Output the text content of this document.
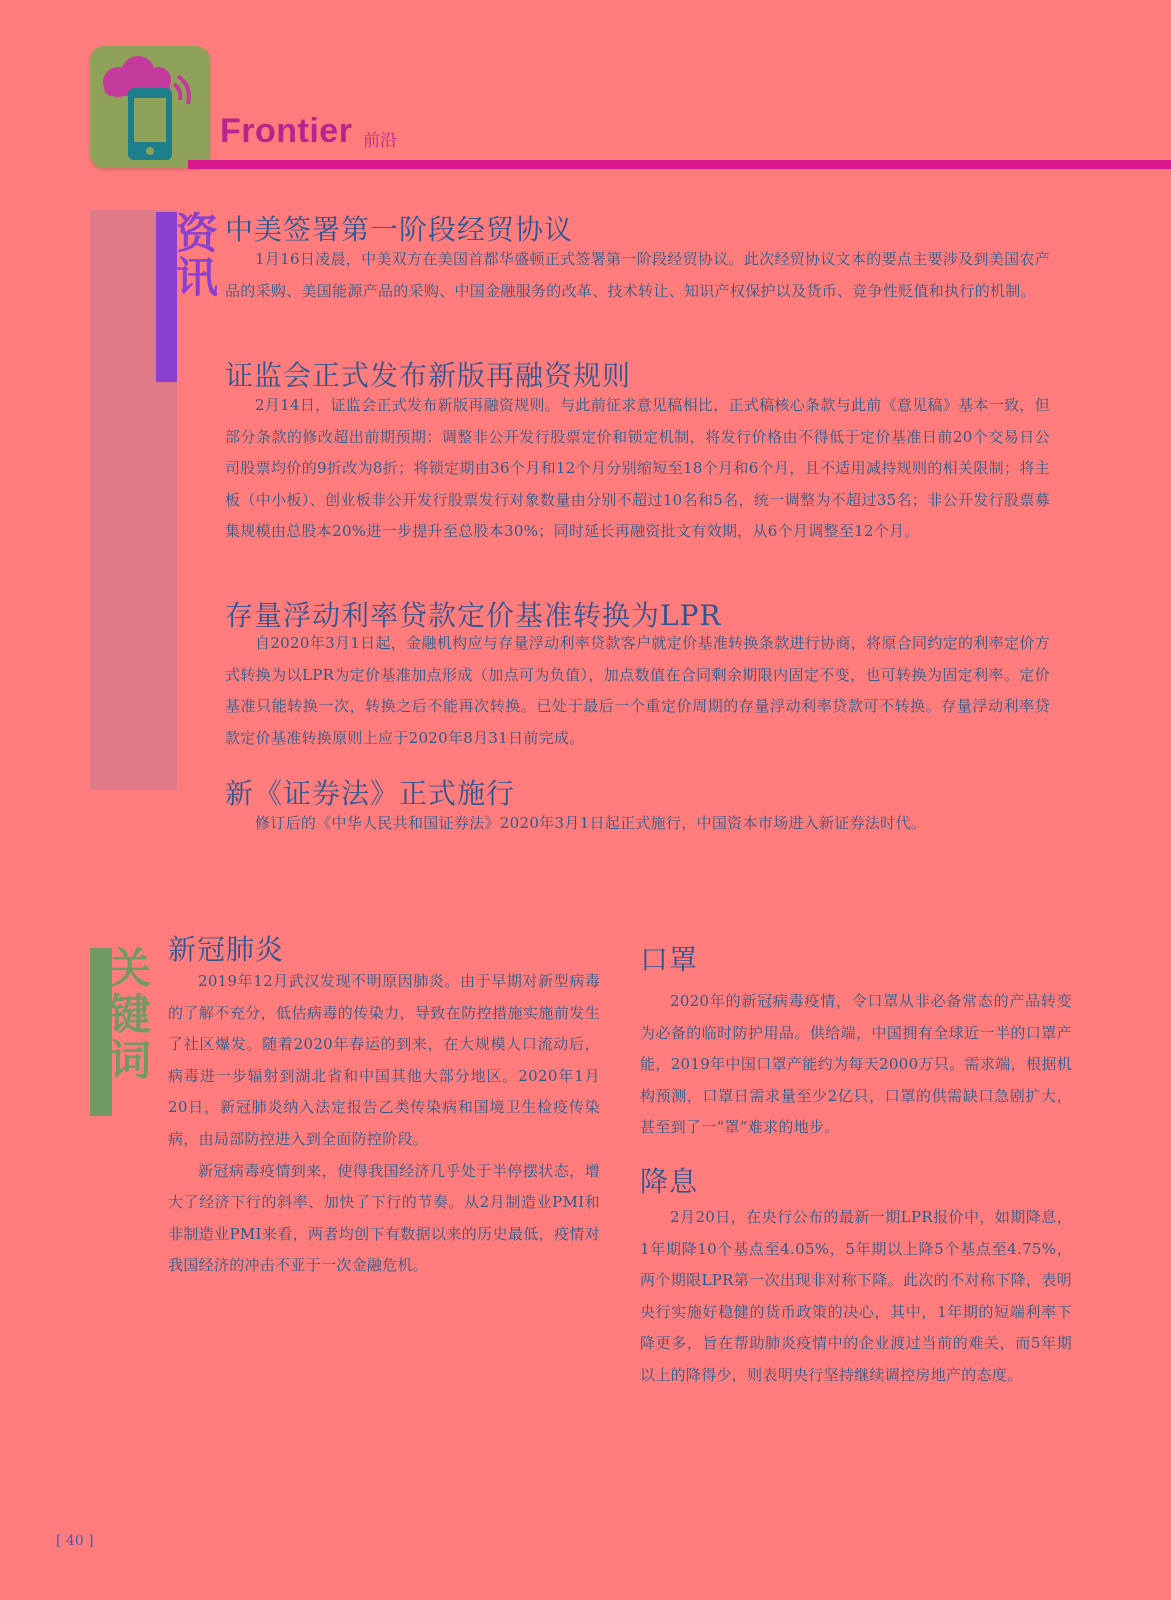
Frontier 前沿
资讯
中美签署第一阶段经贸协议

1月16日凌晨，中美双方在美国首都华盛顿正式签署第一阶段经贸协议。此次经贸协议文本的要点主要涉及到美国农产品的采购、美国能源产品的采购、中国金融服务的改革、技术转让、知识产权保护以及货币、竞争性贬值和执行的机制。

证监会正式发布新版再融资规则

2月14日，证监会正式发布新版再融资规则。与此前征求意见稿相比，正式稿核心条款与此前《意见稿》基本一致，但部分条款的修改超出前期预期：调整非公开发行股票定价和锁定机制，将发行价格由不得低于定价基准日前20个交易日公司股票均价的9折改为8折；将锁定期由36个月和12个月分别缩短至18个月和6个月，且不适用减持规则的相关限制；将主板（中小板）、创业板非公开发行股票发行对象数量由分别不超过10名和5名，统一调整为不超过35名；非公开发行股票募集规模由总股本20%进一步提升至总股本30%；同时延长再融资批文有效期，从6个月调整至12个月。

存量浮动利率贷款定价基准转换为LPR

自2020年3月1日起，金融机构应与存量浮动利率贷款客户就定价基准转换条款进行协商，将原合同约定的利率定价方式转换为以LPR为定价基准加点形成（加点可为负值），加点数值在合同剩余期限内固定不变，也可转换为固定利率。定价基准只能转换一次，转换之后不能再次转换。已处于最后一个重定价周期的存量浮动利率贷款可不转换。存量浮动利率贷款定价基准转换原则上应于2020年8月31日前完成。

新《证券法》正式施行

修订后的《中华人民共和国证券法》2020年3月1日起正式施行，中国资本市场进入新证券法时代。

关键词
新冠肺炎

2019年12月武汉发现不明原因肺炎。由于早期对新型病毒的了解不充分，低估病毒的传染力，导致在防控措施实施前发生了社区爆发。随着2020年春运的到来，在大规模人口流动后，病毒进一步辐射到湖北省和中国其他大部分地区。2020年1月20日，新冠肺炎纳入法定报告乙类传染病和国境卫生检疫传染病，由局部防控进入到全面防控阶段。

新冠病毒疫情到来，使得我国经济几乎处于半停摆状态，增大了经济下行的斜率、加快了下行的节奏。从2月制造业PMI和非制造业PMI来看，两者均创下有数据以来的历史最低，疫情对我国经济的冲击不亚于一次金融危机。

口罩

2020年的新冠病毒疫情，令口罩从非必备常态的产品转变为必备的临时防护用品。供给端，中国拥有全球近一半的口罩产能，2019年中国口罩产能约为每天2000万只。需求端，根据机构预测，口罩日需求量至少2亿只，口罩的供需缺口急剧扩大，甚至到了一“罩”难求的地步。

降息

2月20日，在央行公布的最新一期LPR报价中，如期降息，1年期降10个基点至4.05%，5年期以上降5个基点至4.75%，两个期限LPR第一次出现非对称下降。此次的不对称下降，表明央行实施好稳健的货币政策的决心，其中，1年期的短端利率下降更多，旨在帮助肺炎疫情中的企业渡过当前的难关，而5年期以上的降得少，则表明央行坚持继续调控房地产的态度。

[ 40 ]
